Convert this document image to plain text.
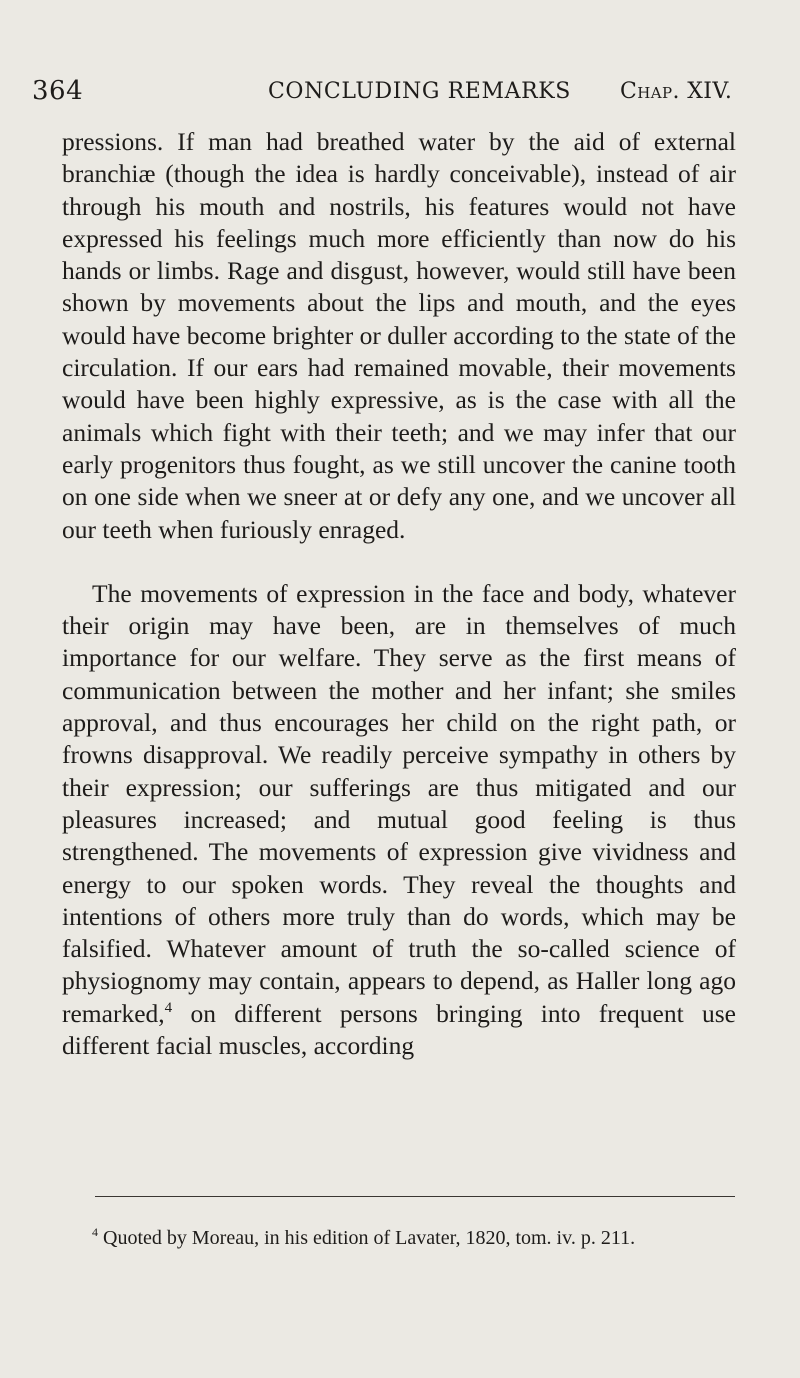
364	CONCLUDING REMARKS Chap. XIV.

pressions. If man had breathed water by the aid of external branchiæ (though the idea is hardly conceivable), instead of air through his mouth and nostrils, his features would not have expressed his feelings much more efficiently than now do his hands or limbs. Rage and disgust, however, would still have been shown by movements about the lips and mouth, and the eyes would have become brighter or duller according to the state of the circulation. If our ears had remained movable, their movements would have been highly expressive, as is the case with all the animals which fight with their teeth; and we may infer that our early progenitors thus fought, as we still uncover the canine tooth on one side when we sneer at or defy any one, and we uncover all our teeth when furiously enraged.

The movements of expression in the face and body, whatever their origin may have been, are in themselves of much importance for our welfare. They serve as the first means of communication between the mother and her infant; she smiles approval, and thus encourages her child on the right path, or frowns disapproval. We readily perceive sympathy in others by their expression; our sufferings are thus mitigated and our pleasures increased; and mutual good feeling is thus strengthened. The movements of expression give vividness and energy to our spoken words. They reveal the thoughts and intentions of others more truly than do words, which may be falsified. Whatever amount of truth the so-called science of physiognomy may contain, appears to depend, as Haller long ago remarked,$^4$ on different persons bringing into frequent use different facial muscles, according

$^4$ Quoted by Moreau, in his edition of Lavater, 1820, tom. iv. p. 211.
